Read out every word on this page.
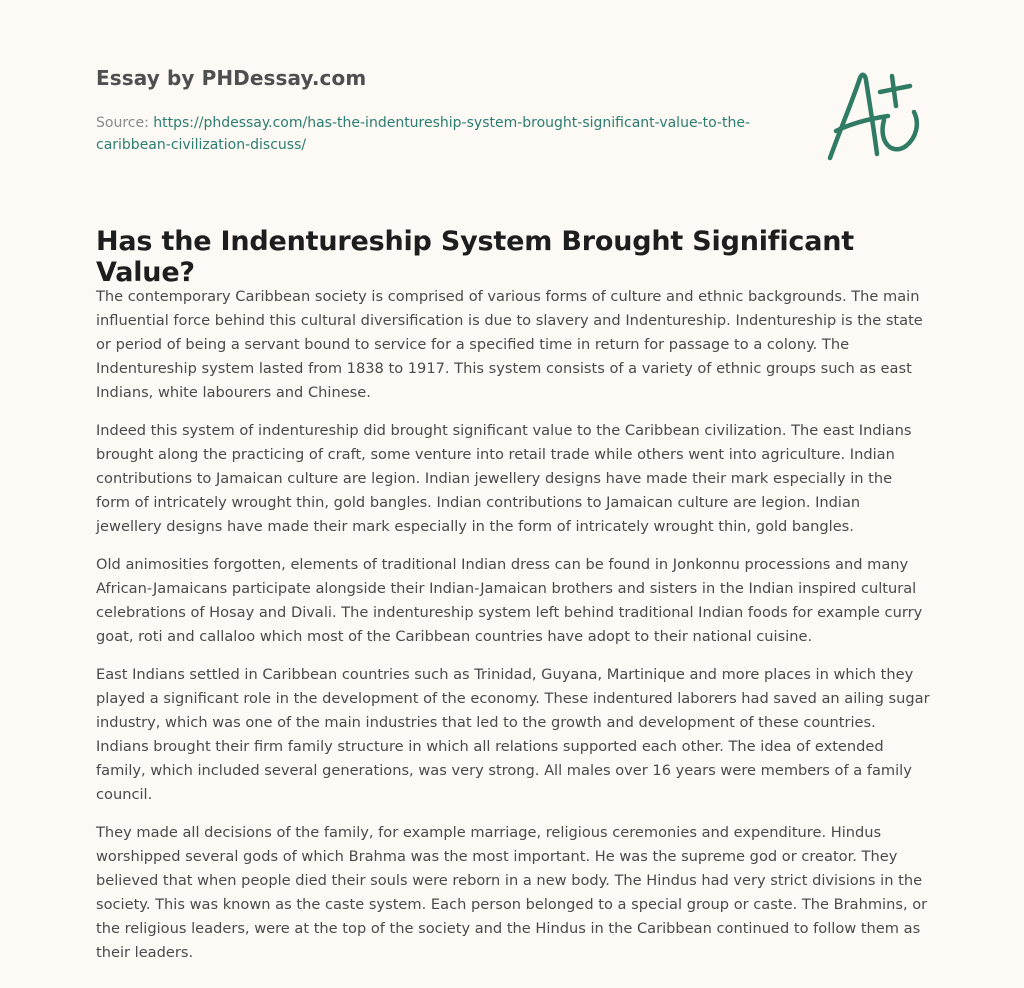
Essay by PHDessay.com
Source: https://phdessay.com/has-the-indentureship-system-brought-significant-value-to-the-caribbean-civilization-discuss/
Has the Indentureship System Brought Significant Value?

The contemporary Caribbean society is comprised of various forms of culture and ethnic backgrounds. The main influential force behind this cultural diversification is due to slavery and Indentureship. Indentureship is the state or period of being a servant bound to service for a specified time in return for passage to a colony. The Indentureship system lasted from 1838 to 1917. This system consists of a variety of ethnic groups such as east Indians, white labourers and Chinese.

Indeed this system of indentureship did brought significant value to the Caribbean civilization. The east Indians brought along the practicing of craft, some venture into retail trade while others went into agriculture. Indian contributions to Jamaican culture are legion. Indian jewellery designs have made their mark especially in the form of intricately wrought thin, gold bangles. Indian contributions to Jamaican culture are legion. Indian jewellery designs have made their mark especially in the form of intricately wrought thin, gold bangles.

Old animosities forgotten, elements of traditional Indian dress can be found in Jonkonnu processions and many African-Jamaicans participate alongside their Indian-Jamaican brothers and sisters in the Indian inspired cultural celebrations of Hosay and Divali. The indentureship system left behind traditional Indian foods for example curry goat, roti and callaloo which most of the Caribbean countries have adopt to their national cuisine.

East Indians settled in Caribbean countries such as Trinidad, Guyana, Martinique and more places in which they played a significant role in the development of the economy. These indentured laborers had saved an ailing sugar industry, which was one of the main industries that led to the growth and development of these countries. Indians brought their firm family structure in which all relations supported each other. The idea of extended family, which included several generations, was very strong. All males over 16 years were members of a family council.

They made all decisions of the family, for example marriage, religious ceremonies and expenditure. Hindus worshipped several gods of which Brahma was the most important. He was the supreme god or creator. They believed that when people died their souls were reborn in a new body. The Hindus had very strict divisions in the society. This was known as the caste system. Each person belonged to a special group or caste. The Brahmins, or the religious leaders, were at the top of the society and the Hindus in the Caribbean continued to follow them as their leaders.
